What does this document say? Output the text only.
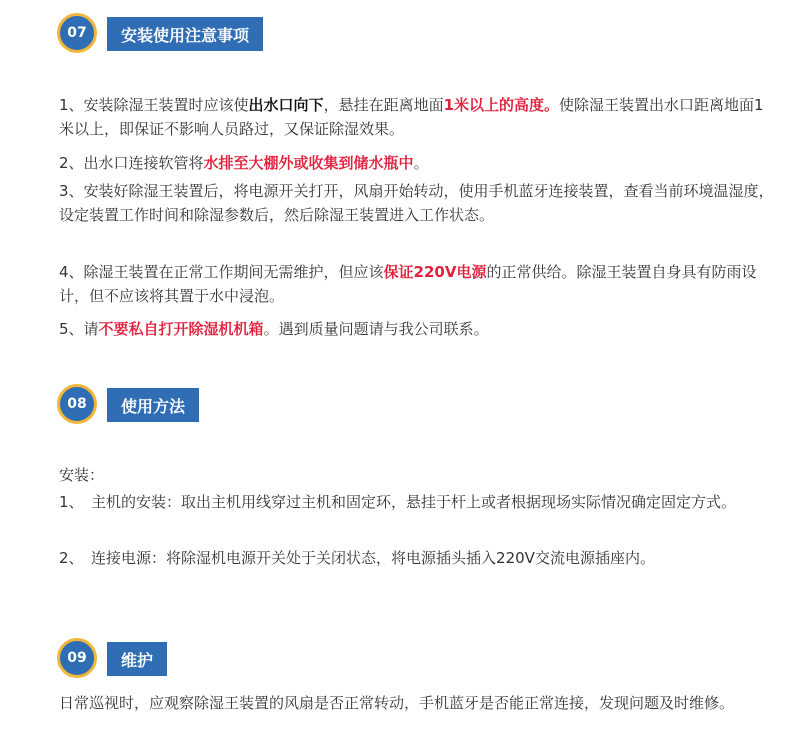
07	安装使用注意事项

1、安装除湿王装置时应该使出水口向下，悬挂在距离地面1米以上的高度。使除湿王装置出水口距离地面1米以上，即保证不影响人员路过，又保证除湿效果。

2、出水口连接软管将水排至大棚外或收集到储水瓶中。

3、安装好除湿王装置后，将电源开关打开，风扇开始转动，使用手机蓝牙连接装置，查看当前环境温湿度，设定装置工作时间和除湿参数后，然后除湿王装置进入工作状态。

4、除湿王装置在正常工作期间无需维护，但应该保证220V电源的正常供给。除湿王装置自身具有防雨设计，但不应该将其置于水中浸泡。

5、请不要私自打开除湿机机箱。遇到质量问题请与我公司联系。

08	使用方法

安装：

1、　主机的安装：取出主机用线穿过主机和固定环，悬挂于杆上或者根据现场实际情况确定固定方式。

2、　连接电源：将除湿机电源开关处于关闭状态，将电源插头插入220V交流电源插座内。

09	维护

日常巡视时，应观察除湿王装置的风扇是否正常转动，手机蓝牙是否能正常连接，发现问题及时维修。
